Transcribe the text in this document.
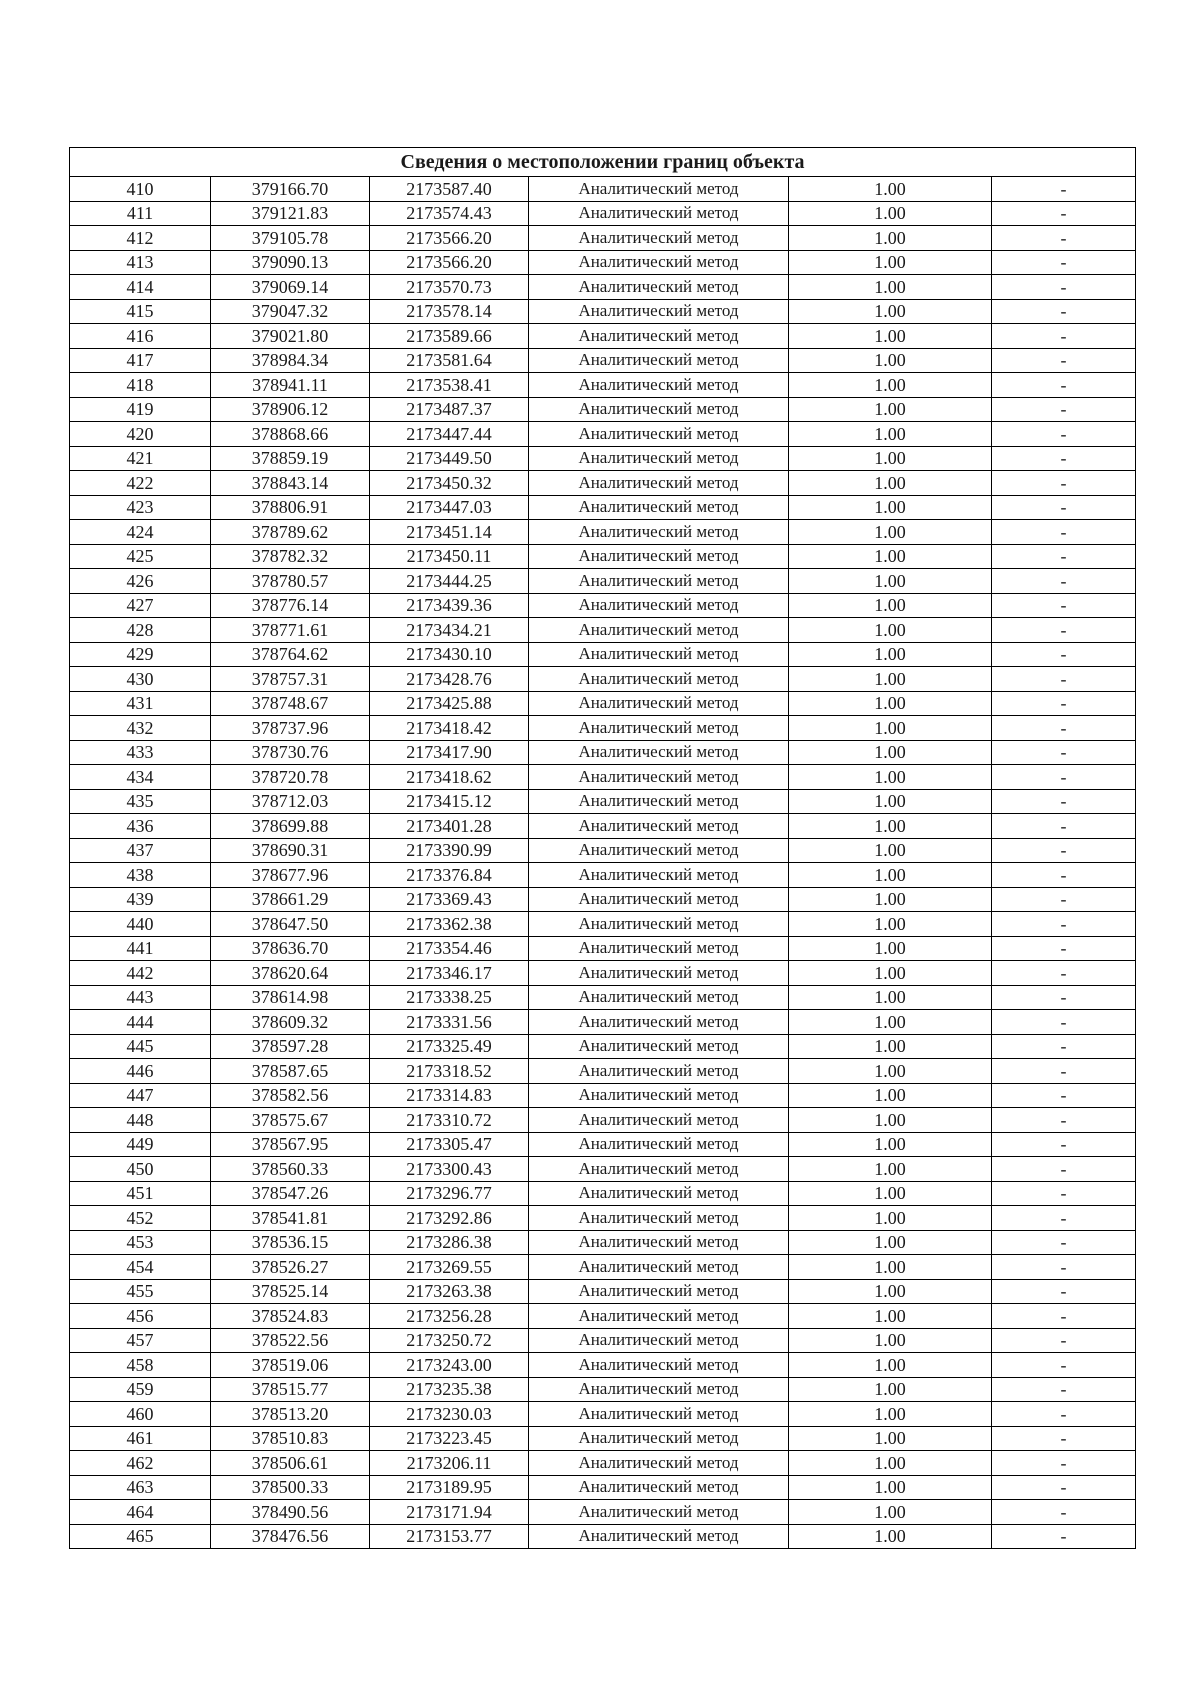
Сведения о местоположении границ объекта					
410	379166.70	2173587.40	Аналитический метод	1.00	-
411	379121.83	2173574.43	Аналитический метод	1.00	-
412	379105.78	2173566.20	Аналитический метод	1.00	-
413	379090.13	2173566.20	Аналитический метод	1.00	-
414	379069.14	2173570.73	Аналитический метод	1.00	-
415	379047.32	2173578.14	Аналитический метод	1.00	-
416	379021.80	2173589.66	Аналитический метод	1.00	-
417	378984.34	2173581.64	Аналитический метод	1.00	-
418	378941.11	2173538.41	Аналитический метод	1.00	-
419	378906.12	2173487.37	Аналитический метод	1.00	-
420	378868.66	2173447.44	Аналитический метод	1.00	-
421	378859.19	2173449.50	Аналитический метод	1.00	-
422	378843.14	2173450.32	Аналитический метод	1.00	-
423	378806.91	2173447.03	Аналитический метод	1.00	-
424	378789.62	2173451.14	Аналитический метод	1.00	-
425	378782.32	2173450.11	Аналитический метод	1.00	-
426	378780.57	2173444.25	Аналитический метод	1.00	-
427	378776.14	2173439.36	Аналитический метод	1.00	-
428	378771.61	2173434.21	Аналитический метод	1.00	-
429	378764.62	2173430.10	Аналитический метод	1.00	-
430	378757.31	2173428.76	Аналитический метод	1.00	-
431	378748.67	2173425.88	Аналитический метод	1.00	-
432	378737.96	2173418.42	Аналитический метод	1.00	-
433	378730.76	2173417.90	Аналитический метод	1.00	-
434	378720.78	2173418.62	Аналитический метод	1.00	-
435	378712.03	2173415.12	Аналитический метод	1.00	-
436	378699.88	2173401.28	Аналитический метод	1.00	-
437	378690.31	2173390.99	Аналитический метод	1.00	-
438	378677.96	2173376.84	Аналитический метод	1.00	-
439	378661.29	2173369.43	Аналитический метод	1.00	-
440	378647.50	2173362.38	Аналитический метод	1.00	-
441	378636.70	2173354.46	Аналитический метод	1.00	-
442	378620.64	2173346.17	Аналитический метод	1.00	-
443	378614.98	2173338.25	Аналитический метод	1.00	-
444	378609.32	2173331.56	Аналитический метод	1.00	-
445	378597.28	2173325.49	Аналитический метод	1.00	-
446	378587.65	2173318.52	Аналитический метод	1.00	-
447	378582.56	2173314.83	Аналитический метод	1.00	-
448	378575.67	2173310.72	Аналитический метод	1.00	-
449	378567.95	2173305.47	Аналитический метод	1.00	-
450	378560.33	2173300.43	Аналитический метод	1.00	-
451	378547.26	2173296.77	Аналитический метод	1.00	-
452	378541.81	2173292.86	Аналитический метод	1.00	-
453	378536.15	2173286.38	Аналитический метод	1.00	-
454	378526.27	2173269.55	Аналитический метод	1.00	-
455	378525.14	2173263.38	Аналитический метод	1.00	-
456	378524.83	2173256.28	Аналитический метод	1.00	-
457	378522.56	2173250.72	Аналитический метод	1.00	-
458	378519.06	2173243.00	Аналитический метод	1.00	-
459	378515.77	2173235.38	Аналитический метод	1.00	-
460	378513.20	2173230.03	Аналитический метод	1.00	-
461	378510.83	2173223.45	Аналитический метод	1.00	-
462	378506.61	2173206.11	Аналитический метод	1.00	-
463	378500.33	2173189.95	Аналитический метод	1.00	-
464	378490.56	2173171.94	Аналитический метод	1.00	-
465	378476.56	2173153.77	Аналитический метод	1.00	-
